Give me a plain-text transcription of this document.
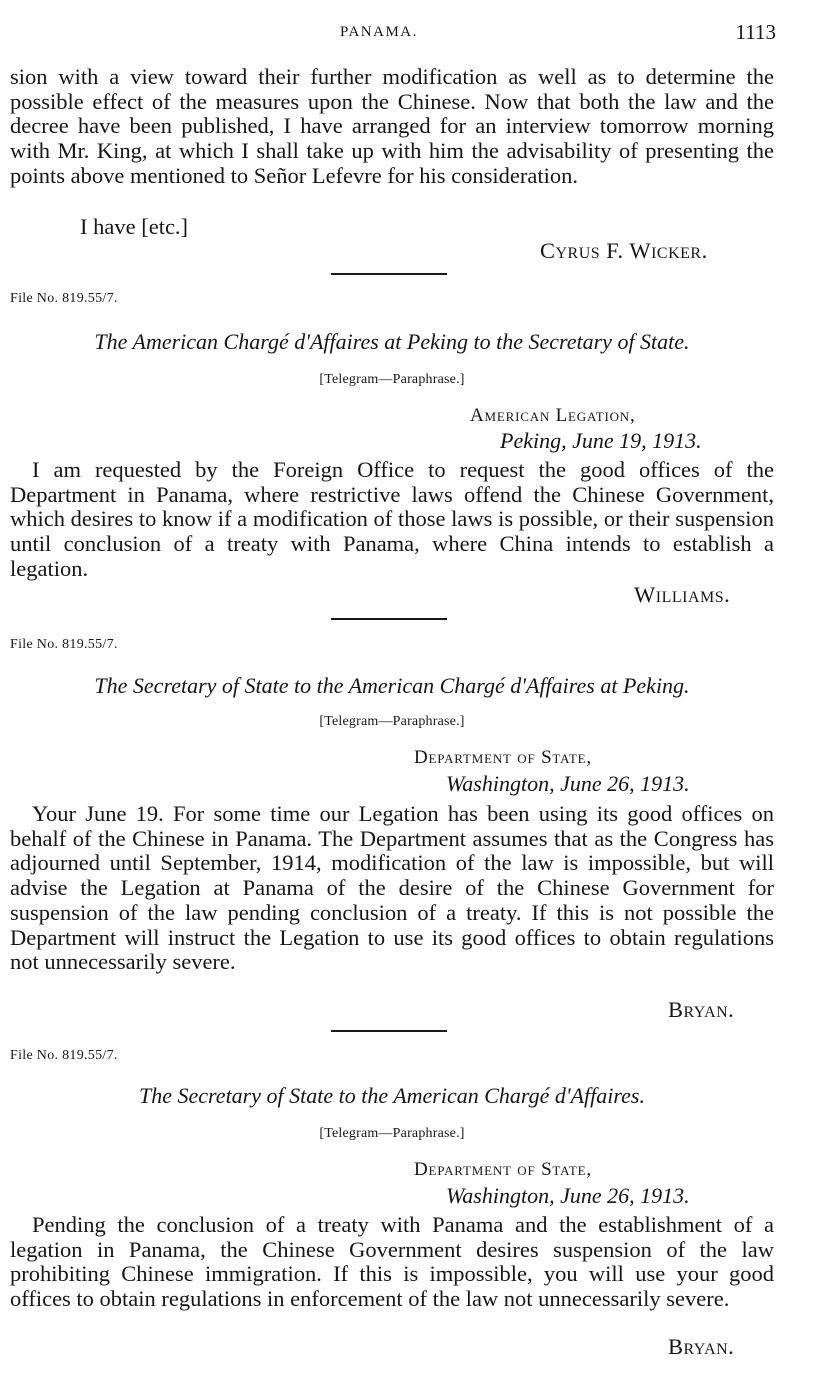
PANAMA.	1113

sion with a view toward their further modification as well as to determine the possible effect of the measures upon the Chinese. Now that both the law and the decree have been published, I have arranged for an interview tomorrow morning with Mr. King, at which I shall take up with him the advisability of presenting the points above mentioned to Señor Lefevre for his consideration.

I have [etc.]
Cyrus F. Wicker.
File No. 819.55/7.
The American Chargé d'Affaires at Peking to the Secretary of State.
[Telegram—Paraphrase.]
American Legation,
Peking, June 19, 1913.

I am requested by the Foreign Office to request the good offices of the Department in Panama, where restrictive laws offend the Chinese Government, which desires to know if a modification of those laws is possible, or their suspension until conclusion of a treaty with Panama, where China intends to establish a legation.

Williams.
File No. 819.55/7.
The Secretary of State to the American Chargé d'Affaires at Peking.
[Telegram—Paraphrase.]
Department of State,
Washington, June 26, 1913.

Your June 19. For some time our Legation has been using its good offices on behalf of the Chinese in Panama. The Department assumes that as the Congress has adjourned until September, 1914, modification of the law is impossible, but will advise the Legation at Panama of the desire of the Chinese Government for suspension of the law pending conclusion of a treaty. If this is not possible the Department will instruct the Legation to use its good offices to obtain regulations not unnecessarily severe.

Bryan.
File No. 819.55/7.
The Secretary of State to the American Chargé d'Affaires.
[Telegram—Paraphrase.]
Department of State,
Washington, June 26, 1913.

Pending the conclusion of a treaty with Panama and the establishment of a legation in Panama, the Chinese Government desires suspension of the law prohibiting Chinese immigration. If this is impossible, you will use your good offices to obtain regulations in enforcement of the law not unnecessarily severe.

Bryan.
